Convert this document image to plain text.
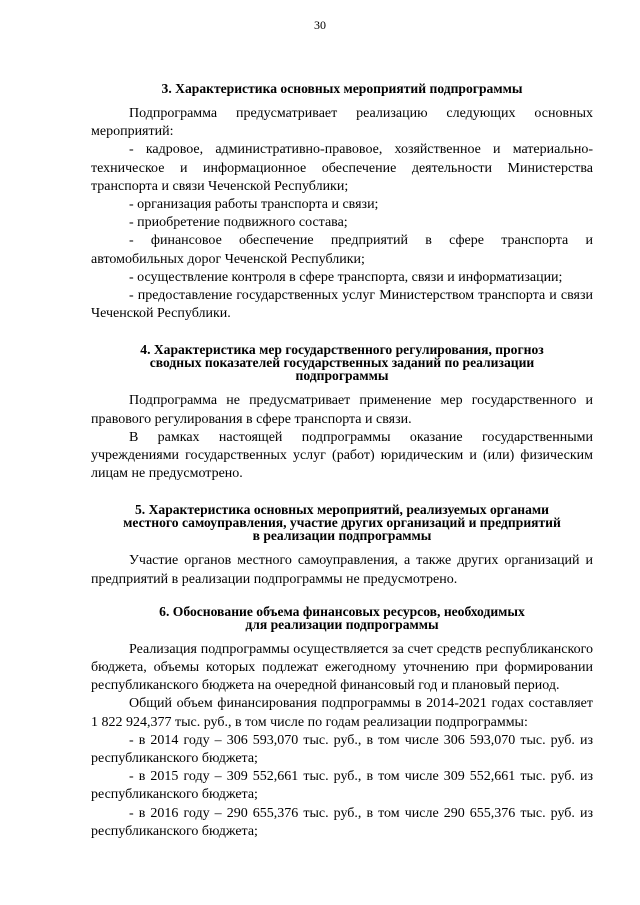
30
3. Характеристика основных мероприятий подпрограммы

Подпрограмма предусматривает реализацию следующих основных мероприятий:

- кадровое, административно-правовое, хозяйственное и материально-техническое и информационное обеспечение деятельности Министерства транспорта и связи Чеченской Республики;

- организация работы транспорта и связи;

- приобретение подвижного состава;

- финансовое обеспечение предприятий в сфере транспорта и автомобильных дорог Чеченской Республики;

- осуществление контроля в сфере транспорта, связи и информатизации;

- предоставление государственных услуг Министерством транспорта и связи Чеченской Республики.

4. Характеристика мер государственного регулирования, прогноз
сводных показателей государственных заданий по реализации
подпрограммы

Подпрограмма не предусматривает применение мер государственного и правового регулирования в сфере транспорта и связи.

В рамках настоящей подпрограммы оказание государственными учреждениями государственных услуг (работ) юридическим и (или) физическим лицам не предусмотрено.

5. Характеристика основных мероприятий, реализуемых органами
местного самоуправления, участие других организаций и предприятий
в реализации подпрограммы

Участие органов местного самоуправления, а также других организаций и предприятий в реализации подпрограммы не предусмотрено.

6. Обоснование объема финансовых ресурсов, необходимых
для реализации подпрограммы

Реализация подпрограммы осуществляется за счет средств республиканского бюджета, объемы которых подлежат ежегодному уточнению при формировании республиканского бюджета на очередной финансовый год и плановый период.

Общий объем финансирования подпрограммы в 2014-2021 годах составляет 1 822 924,377 тыс. руб., в том числе по годам реализации подпрограммы:

- в 2014 году – 306 593,070 тыс. руб., в том числе 306 593,070 тыс. руб. из республиканского бюджета;

- в 2015 году – 309 552,661 тыс. руб., в том числе 309 552,661 тыс. руб. из республиканского бюджета;

- в 2016 году – 290 655,376 тыс. руб., в том числе 290 655,376 тыс. руб. из республиканского бюджета;
